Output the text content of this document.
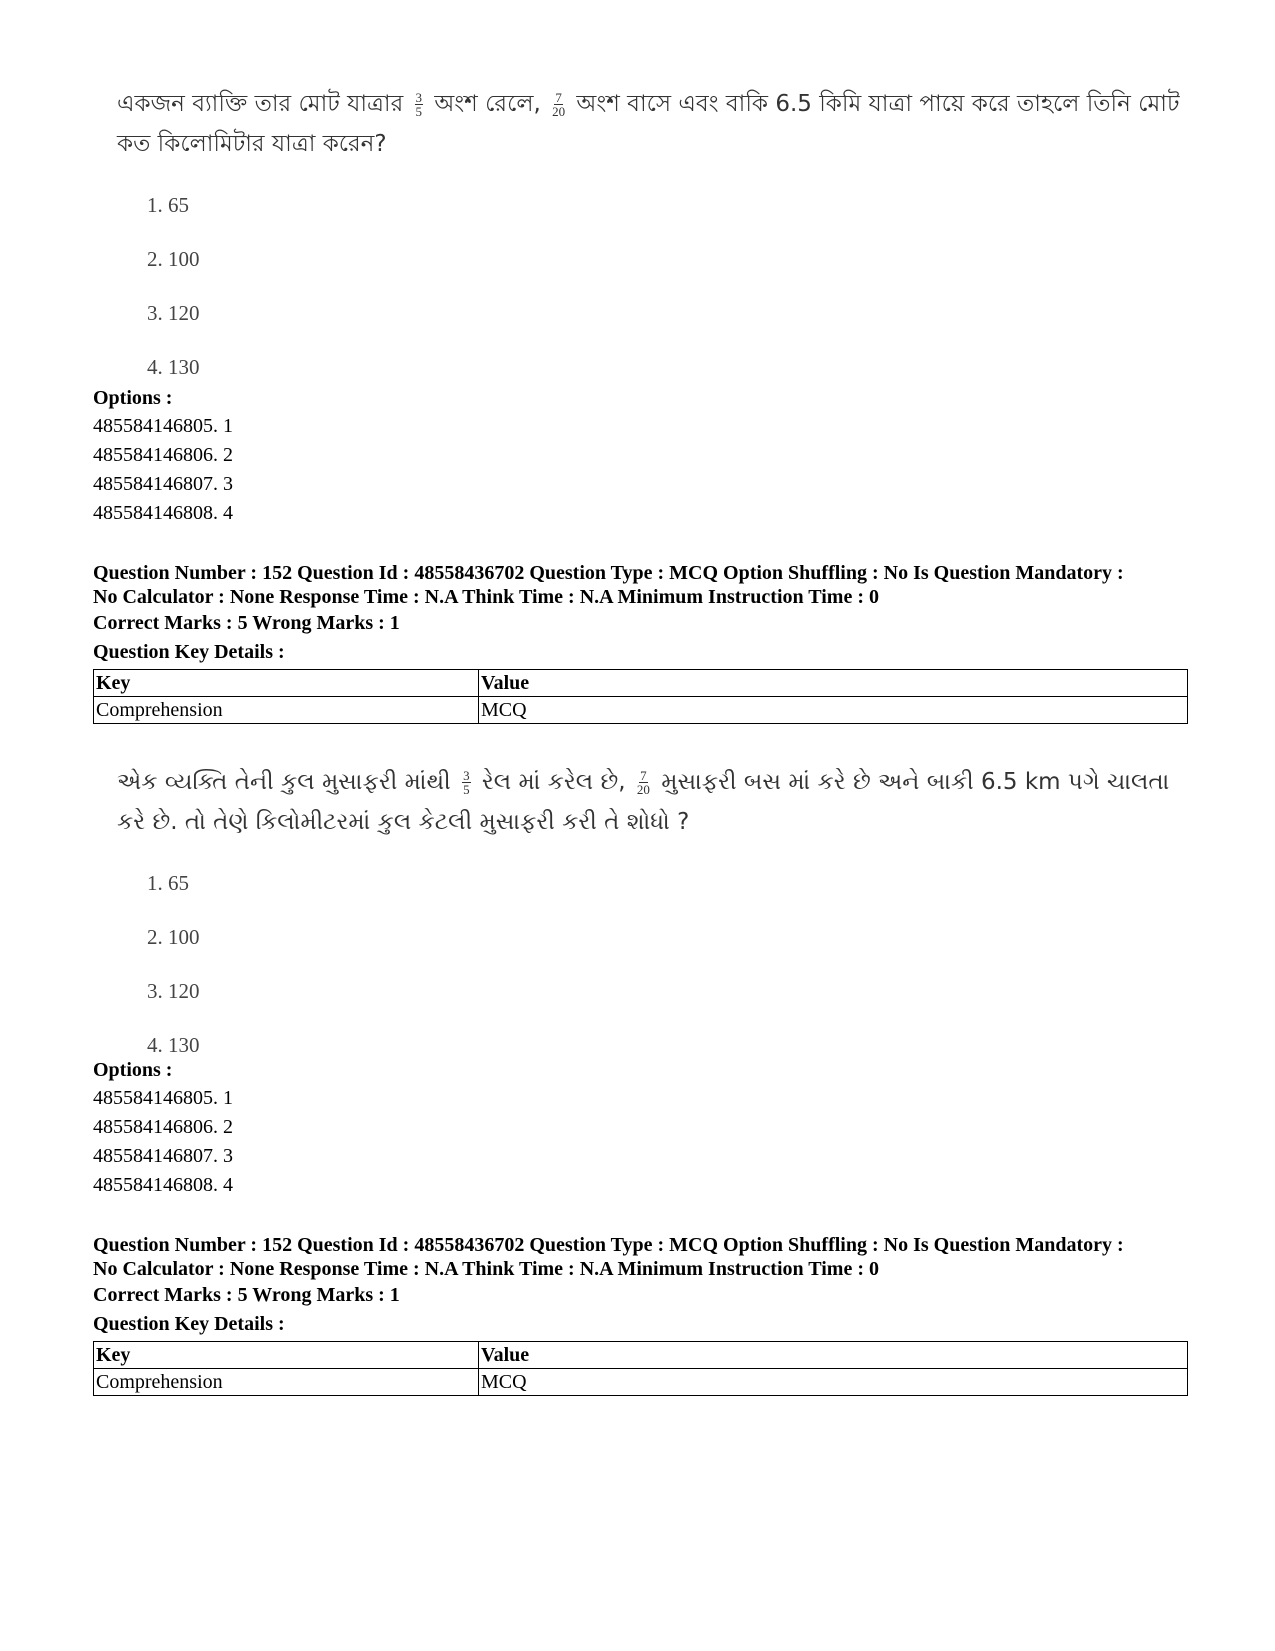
একজন ব্যাক্তি তার মোট যাত্রার $\frac{3}{5}$ অংশ রেলে, $\frac{7}{20}$ অংশ বাসে এবং বাকি 6.5 কিমি যাত্রা পায়ে করে তাহলে তিনি মোট কত কিলোমিটার যাত্রা করেন?
1. 65
2. 100
3. 120
4. 130
Options :
485584146805. 1
485584146806. 2
485584146807. 3
485584146808. 4
Question Number : 152 Question Id : 48558436702 Question Type : MCQ Option Shuffling : No Is Question Mandatory :
No Calculator : None Response Time : N.A Think Time : N.A Minimum Instruction Time : 0
Correct Marks : 5 Wrong Marks : 1
Question Key Details :
Key	Value
Comprehension	MCQ
એક વ્યક્તિ તેની કુલ મુસાફરી માંથી $\frac{3}{5}$ રેલ માં કરેલ છે, $\frac{7}{20}$ મુસાફરી બસ માં કરે છે અને બાકી 6.5 km પગે ચાલતા કરે છે. તો તેણે કિલોમીટરમાં કુલ કેટલી મુસાફરી કરી તે શોધો ?
1. 65
2. 100
3. 120
4. 130
Options :
485584146805. 1
485584146806. 2
485584146807. 3
485584146808. 4
Question Number : 152 Question Id : 48558436702 Question Type : MCQ Option Shuffling : No Is Question Mandatory :
No Calculator : None Response Time : N.A Think Time : N.A Minimum Instruction Time : 0
Correct Marks : 5 Wrong Marks : 1
Question Key Details :
Key	Value
Comprehension	MCQ
